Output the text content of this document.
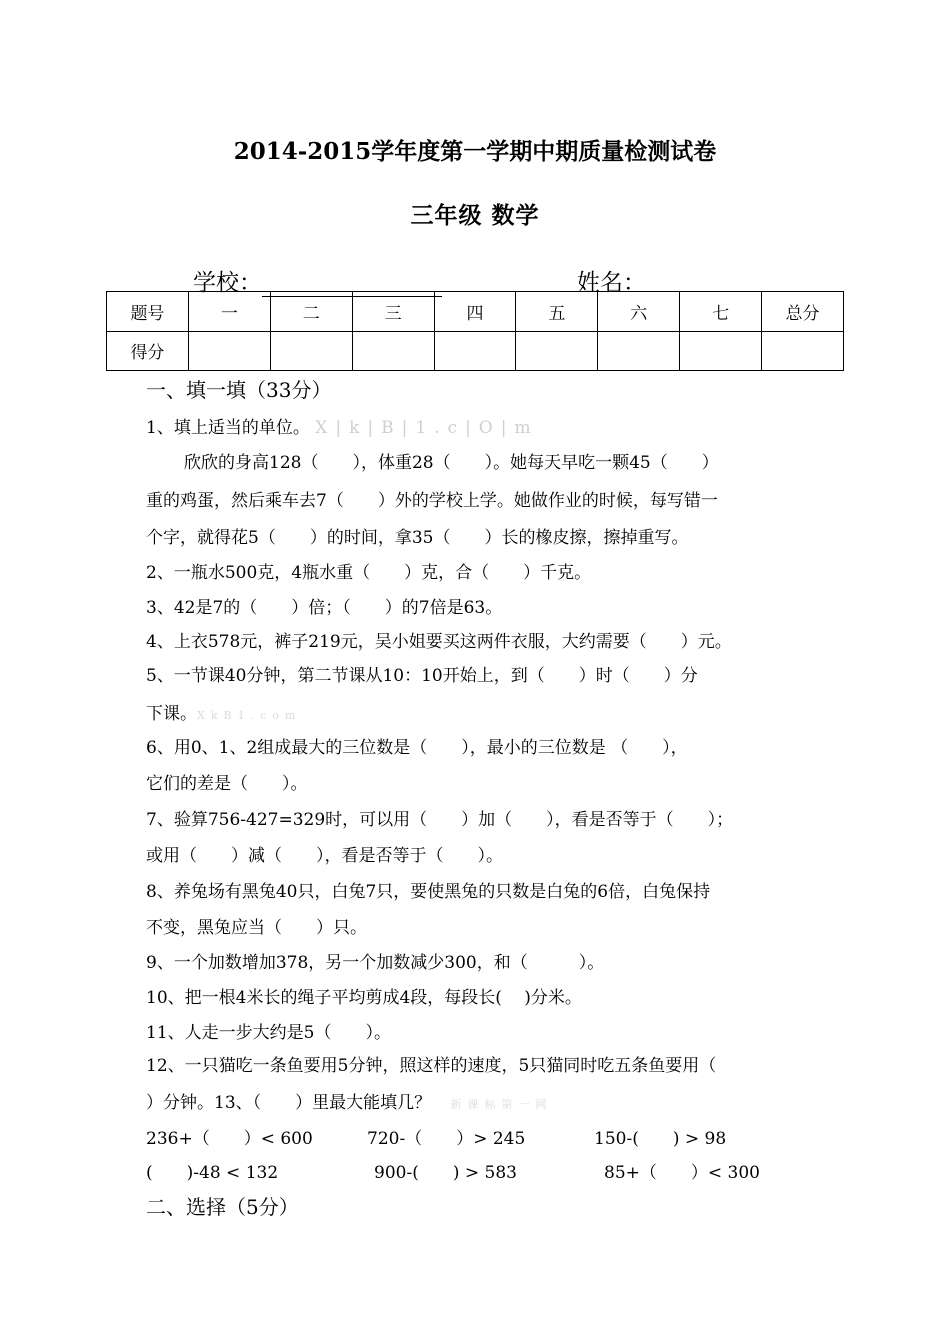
2014-2015学年度第一学期中期质量检测试卷
三年级 数学
学校：	姓名：
题号	一	二	三	四	五	六	七	总分
得分								
一、填一填（33分）
1、填上适当的单位。 X|k|B|1.c|O|m
欣欣的身高128（　　），体重28（　　）。她每天早吃一颗45（　　）
重的鸡蛋，然后乘车去7（　　）外的学校上学。她做作业的时候，每写错一
个字，就得花5（　　）的时间，拿35（　　）长的橡皮擦，擦掉重写。
2、一瓶水500克，4瓶水重（　　）克，合（　　）千克。
3、42是7的（　　）倍；（　　）的7倍是63。
4、上衣578元，裤子219元，吴小姐要买这两件衣服，大约需要（　　）元。
5、一节课40分钟，第二节课从10：10开始上，到（　　）时（　　）分
下课。XkB1.com
6、用0、1、2组成最大的三位数是（　　），最小的三位数是 （　　），
它们的差是（　　）。
7、验算756-427=329时，可以用（　　）加（　　），看是否等于（　　）；
或用（　　）减（　　），看是否等于（　　）。
8、养兔场有黑兔40只，白兔7只，要使黑兔的只数是白兔的6倍，白兔保持
不变，黑兔应当（　　）只。
9、一个加数增加378，另一个加数减少300，和（　　　）。
10、把一根4米长的绳子平均剪成4段，每段长(　 )分米。
11、人走一步大约是5（　　）。
12、一只猫吃一条鱼要用5分钟，照这样的速度，5只猫同时吃五条鱼要用（
）分钟。13、（　　）里最大能填几？ 新课标第一网
236+（　　）< 600	720-（　　）> 245	150-(　　) > 98
(　　)-48 < 132	900-(　　) > 583	85+（　　）< 300
二、选择（5分）
